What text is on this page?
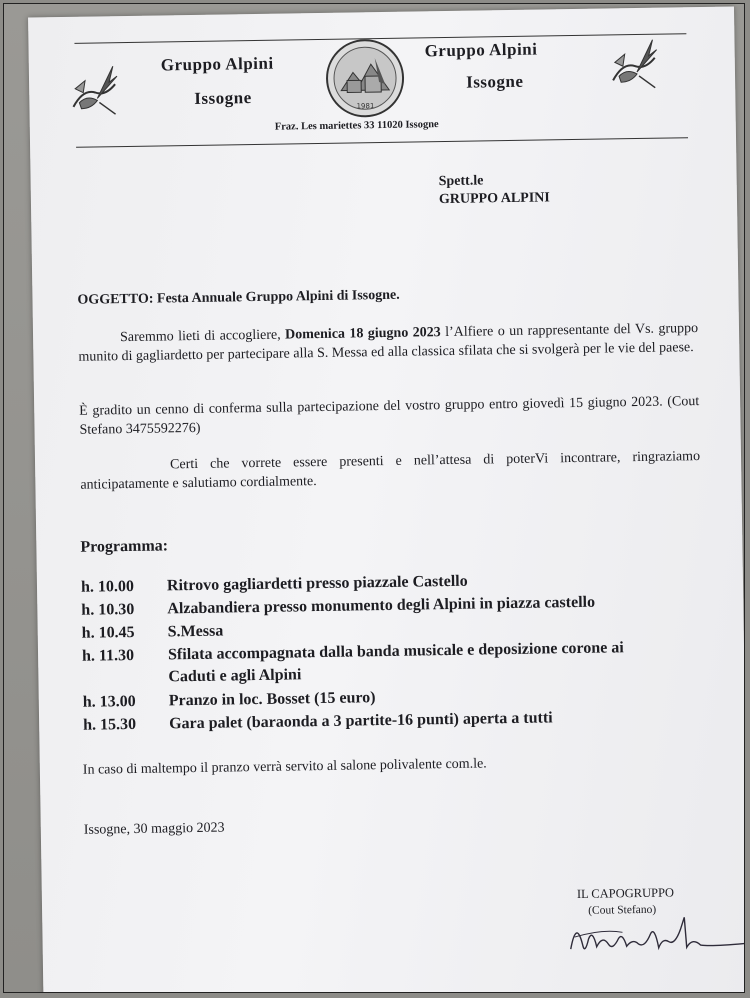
Gruppo Alpini
Issogne	1981
Gruppo Alpini
Issogne
Fraz. Les mariettes 33 11020 Issogne
Spett.le
GRUPPO ALPINI
OGGETTO: Festa Annuale Gruppo Alpini di Issogne.
Saremmo lieti di accogliere, Domenica 18 giugno 2023 l’Alfiere o un rappresentante del Vs. gruppo munito di gagliardetto per partecipare alla S. Messa ed alla classica sfilata che si svolgerà per le vie del paese.
È gradito un cenno di conferma sulla partecipazione del vostro gruppo entro giovedì 15 giugno 2023. (Cout Stefano 3475592276)
Certi che vorrete essere presenti e nell’attesa di poterVi incontrare, ringraziamo anticipatamente e salutiamo cordialmente.
Programma:
h. 10.00	Ritrovo gagliardetti presso piazzale Castello
h. 10.30	Alzabandiera presso monumento degli Alpini in piazza castello
h. 10.45	S.Messa
h. 11.30	Sfilata accompagnata dalla banda musicale e deposizione corone ai Caduti e agli Alpini
h. 13.00	Pranzo in loc. Bosset (15 euro)
h. 15.30	Gara palet (baraonda a 3 partite-16 punti) aperta a tutti
In caso di maltempo il pranzo verrà servito al salone polivalente com.le.
Issogne, 30 maggio 2023
IL CAPOGRUPPO
(Cout Stefano)
